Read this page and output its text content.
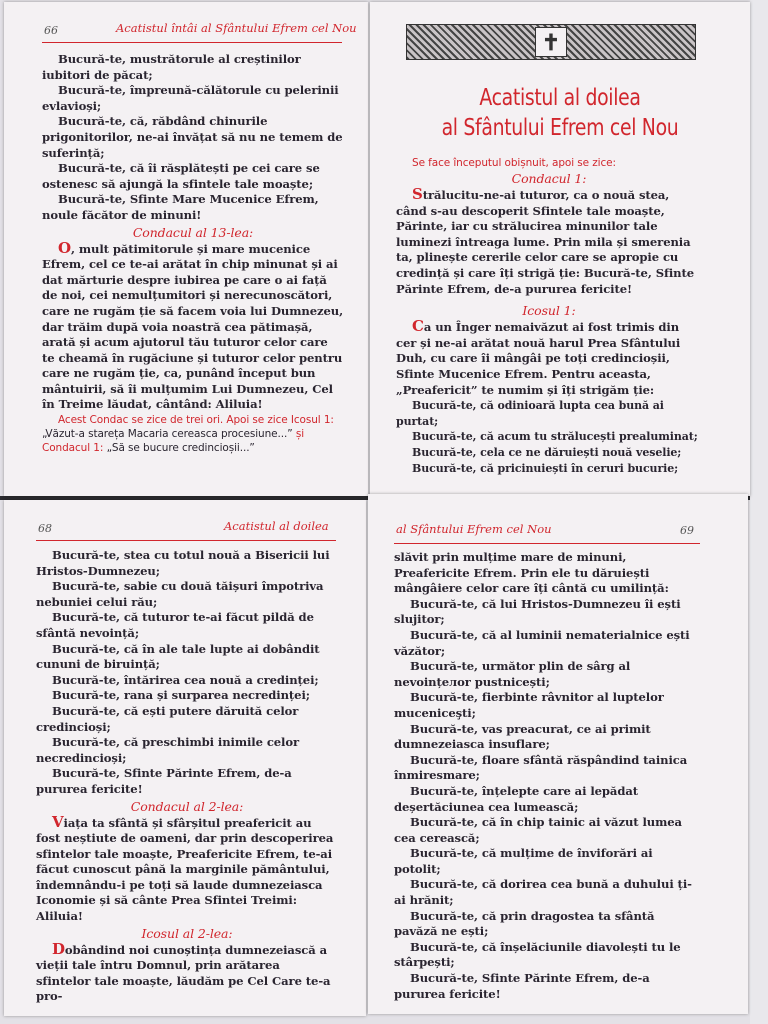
66	Acatistul întâi al Sfântului Efrem cel Nou

Bucură-te, mustrătorule al creștinilor iubitori de păcat;

Bucură-te, împreună-călătorule cu pelerinii evlavioși;

Bucură-te, că, răbdând chinurile prigonitorilor, ne-ai învățat să nu ne temem de suferință;

Bucură-te, că îi răsplătești pe cei care se ostenesc să ajungă la sfintele tale moaște;

Bucură-te, Sfinte Mare Mucenice Efrem, noule făcător de minuni!

Condacul al 13-lea:

O, mult pătimitorule și mare mucenice Efrem, cel ce te-ai arătat în chip minunat și ai dat mărturie despre iubirea pe care o ai față de noi, cei nemulțumitori și nerecunoscători, care ne rugăm ție să facem voia lui Dumnezeu, dar trăim după voia noastră cea pătimașă, arată și acum ajutorul tău tuturor celor care te cheamă în rugăciune și tuturor celor pentru care ne rugăm ție, ca, punând început bun mântuirii, să îi mulțumim Lui Dumnezeu, Cel în Treime lăudat, cântând: Aliluia!

Acest Condac se zice de trei ori. Apoi se zice Icosul 1: „Văzut-a starețа Macaria cereasca procesiune...” și Condacul 1: „Să se bucure credincioșii...”

✝
Acatistul al doilea
al Sfântului Efrem cel Nou

Se face începutul obișnuit, apoi se zice:

Condacul 1:

Strălucitu-ne-ai tuturor, ca o nouă stea, când s-au descoperit Sfintele tale moaște, Părinte, iar cu strălucirea minunilor tale luminezi întreaga lume. Prin mila și smerenia ta, plinește cererile celor care se apropie cu credință și care îți strigă ție: Bucură-te, Sfinte Părinte Efrem, de-a pururea fericite!

Icosul 1:

Ca un Înger nemaivăzut ai fost trimis din cer și ne-ai arătat nouă harul Prea Sfântului Duh, cu care îi mângâi pe toți credincioșii, Sfinte Mucenice Efrem. Pentru aceasta, „Preafericit” te numim și îți strigăm ție:

Bucură-te, că odinioară lupta cea bună ai purtat;

Bucură-te, că acum tu strălucești prealuminat;

Bucură-te, cela ce ne dăruiești nouă veselie;

Bucură-te, că pricinuiești în ceruri bucurie;

68	Acatistul al doilea

Bucură-te, stea cu totul nouă a Bisericii lui Hristos-Dumnezeu;

Bucură-te, sabie cu două tăișuri împotriva nebuniei celui rău;

Bucură-te, că tuturor te-ai făcut pildă de sfântă nevoință;

Bucură-te, că în ale tale lupte ai dobândit cununi de biruință;

Bucură-te, întărirea cea nouă a credinței;

Bucură-te, rana și surparea necredinței;

Bucură-te, că ești putere dăruită celor credincioși;

Bucură-te, că preschimbi inimile celor necredincioși;

Bucură-te, Sfinte Părinte Efrem, de-a pururea fericite!

Condacul al 2-lea:

Viața ta sfântă și sfârșitul preafericit au fost neștiute de oameni, dar prin descoperirea sfintelor tale moaște, Preafericite Efrem, te-ai făcut cunoscut până la marginile pământului, îndemnându-i pe toți să laude dumnezeiasca Iconomie și să cânte Prea Sfintei Treimi: Aliluia!

Icosul al 2-lea:

Dobândind noi cunoștința dumnezeiască a vieții tale întru Domnul, prin arătarea sfintelor tale moaște, lăudăm pe Cel Care te-a pro-

al Sfântului Efrem cel Nou	69

slăvit prin mulțime mare de minuni, Preafericite Efrem. Prin ele tu dăruiești mângâiere celor care îți cântă cu umilință:

Bucură-te, că lui Hristos-Dumnezeu îi ești slujitor;

Bucură-te, că al luminii nematerialnice ești văzător;

Bucură-te, următor plin de sârg al nevoințелor pustnicești;

Bucură-te, fierbinte râvnitor al luptelor muceniceşti;

Bucură-te, vas preacurat, ce ai primit dumnezeiasca insuflare;

Bucură-te, floare sfântă răspândind tainica înmiresmare;

Bucură-te, înțelepte care ai lepădat deșertăciunea cea lumească;

Bucură-te, că în chip tainic ai văzut lumea cea cerească;

Bucură-te, că mulțime de înviforări ai potolit;

Bucură-te, că dorirea cea bună a duhului ți-ai hrănit;

Bucură-te, că prin dragostea ta sfântă pavăză ne ești;

Bucură-te, că înșelăciunile diavolești tu le stârpești;

Bucură-te, Sfinte Părinte Efrem, de-a pururea fericite!
